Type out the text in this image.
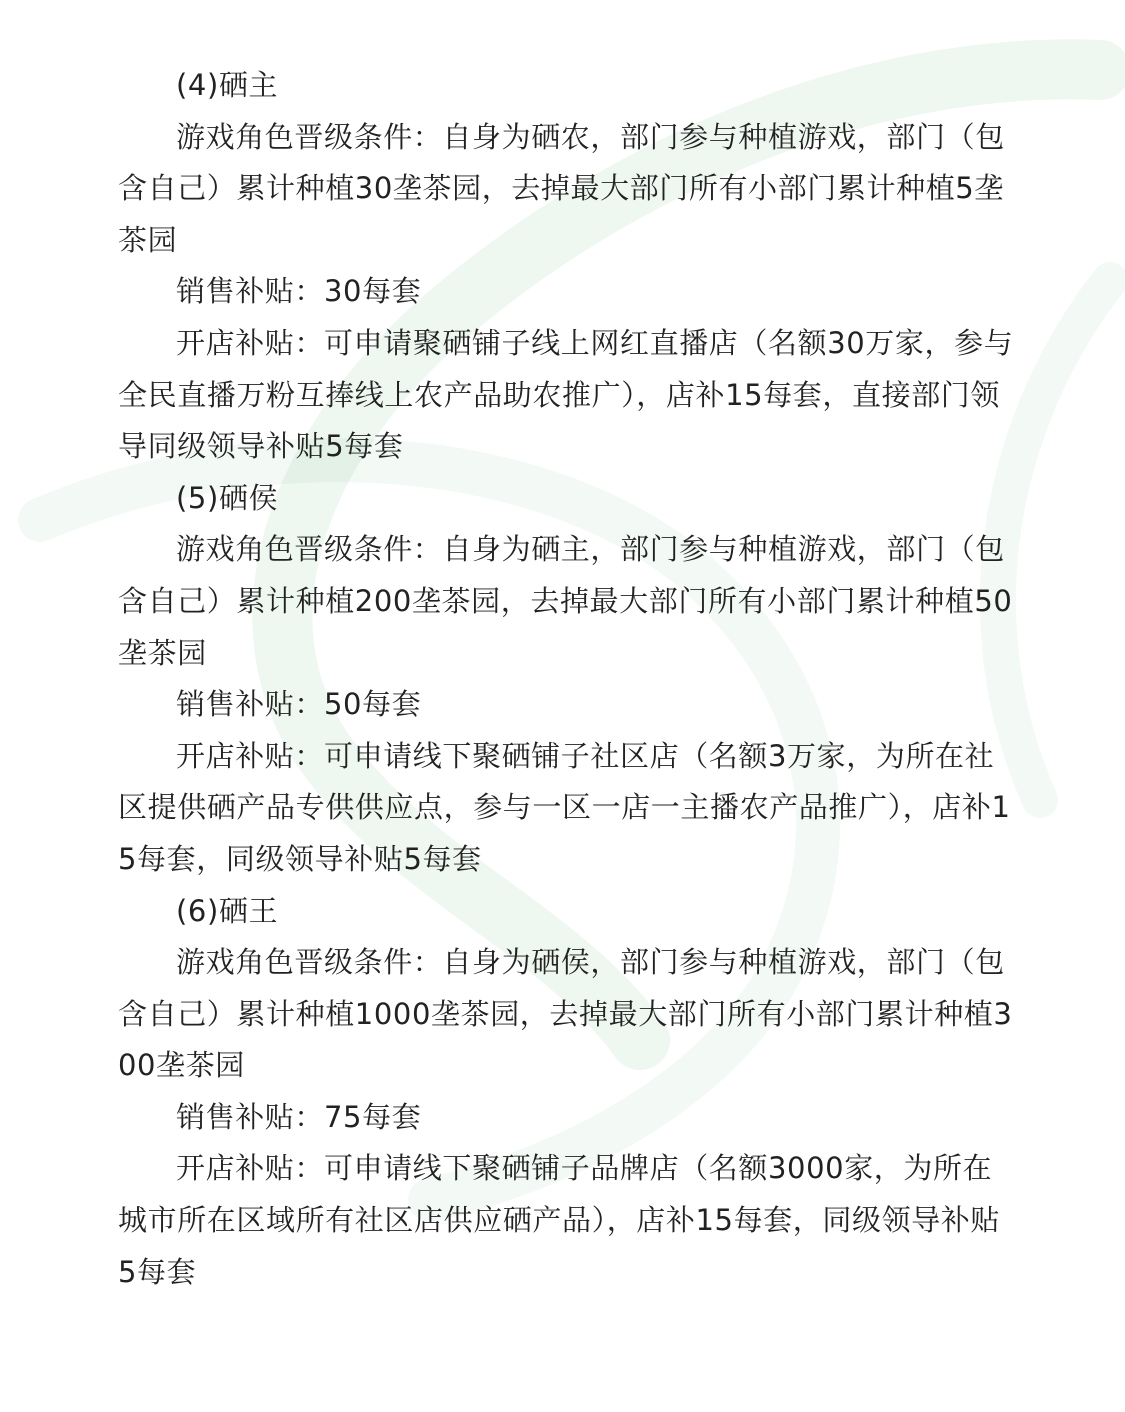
(4)硒主

游戏角色晋级条件：自身为硒农，部门参与种植游戏，部门（包含自己）累计种植30垄茶园，去掉最大部门所有小部门累计种植5垄茶园

销售补贴：30每套

开店补贴：可申请聚硒铺子线上网红直播店（名额30万家，参与全民直播万粉互捧线上农产品助农推广），店补15每套，直接部门领导同级领导补贴5每套

(5)硒侯

游戏角色晋级条件：自身为硒主，部门参与种植游戏，部门（包含自己）累计种植200垄茶园，去掉最大部门所有小部门累计种植50垄茶园

销售补贴：50每套

开店补贴：可申请线下聚硒铺子社区店（名额3万家，为所在社区提供硒产品专供供应点，参与一区一店一主播农产品推广），店补15每套，同级领导补贴5每套

(6)硒王

游戏角色晋级条件：自身为硒侯，部门参与种植游戏，部门（包含自己）累计种植1000垄茶园，去掉最大部门所有小部门累计种植300垄茶园

销售补贴：75每套

开店补贴：可申请线下聚硒铺子品牌店（名额3000家，为所在城市所在区域所有社区店供应硒产品），店补15每套，同级领导补贴5每套
